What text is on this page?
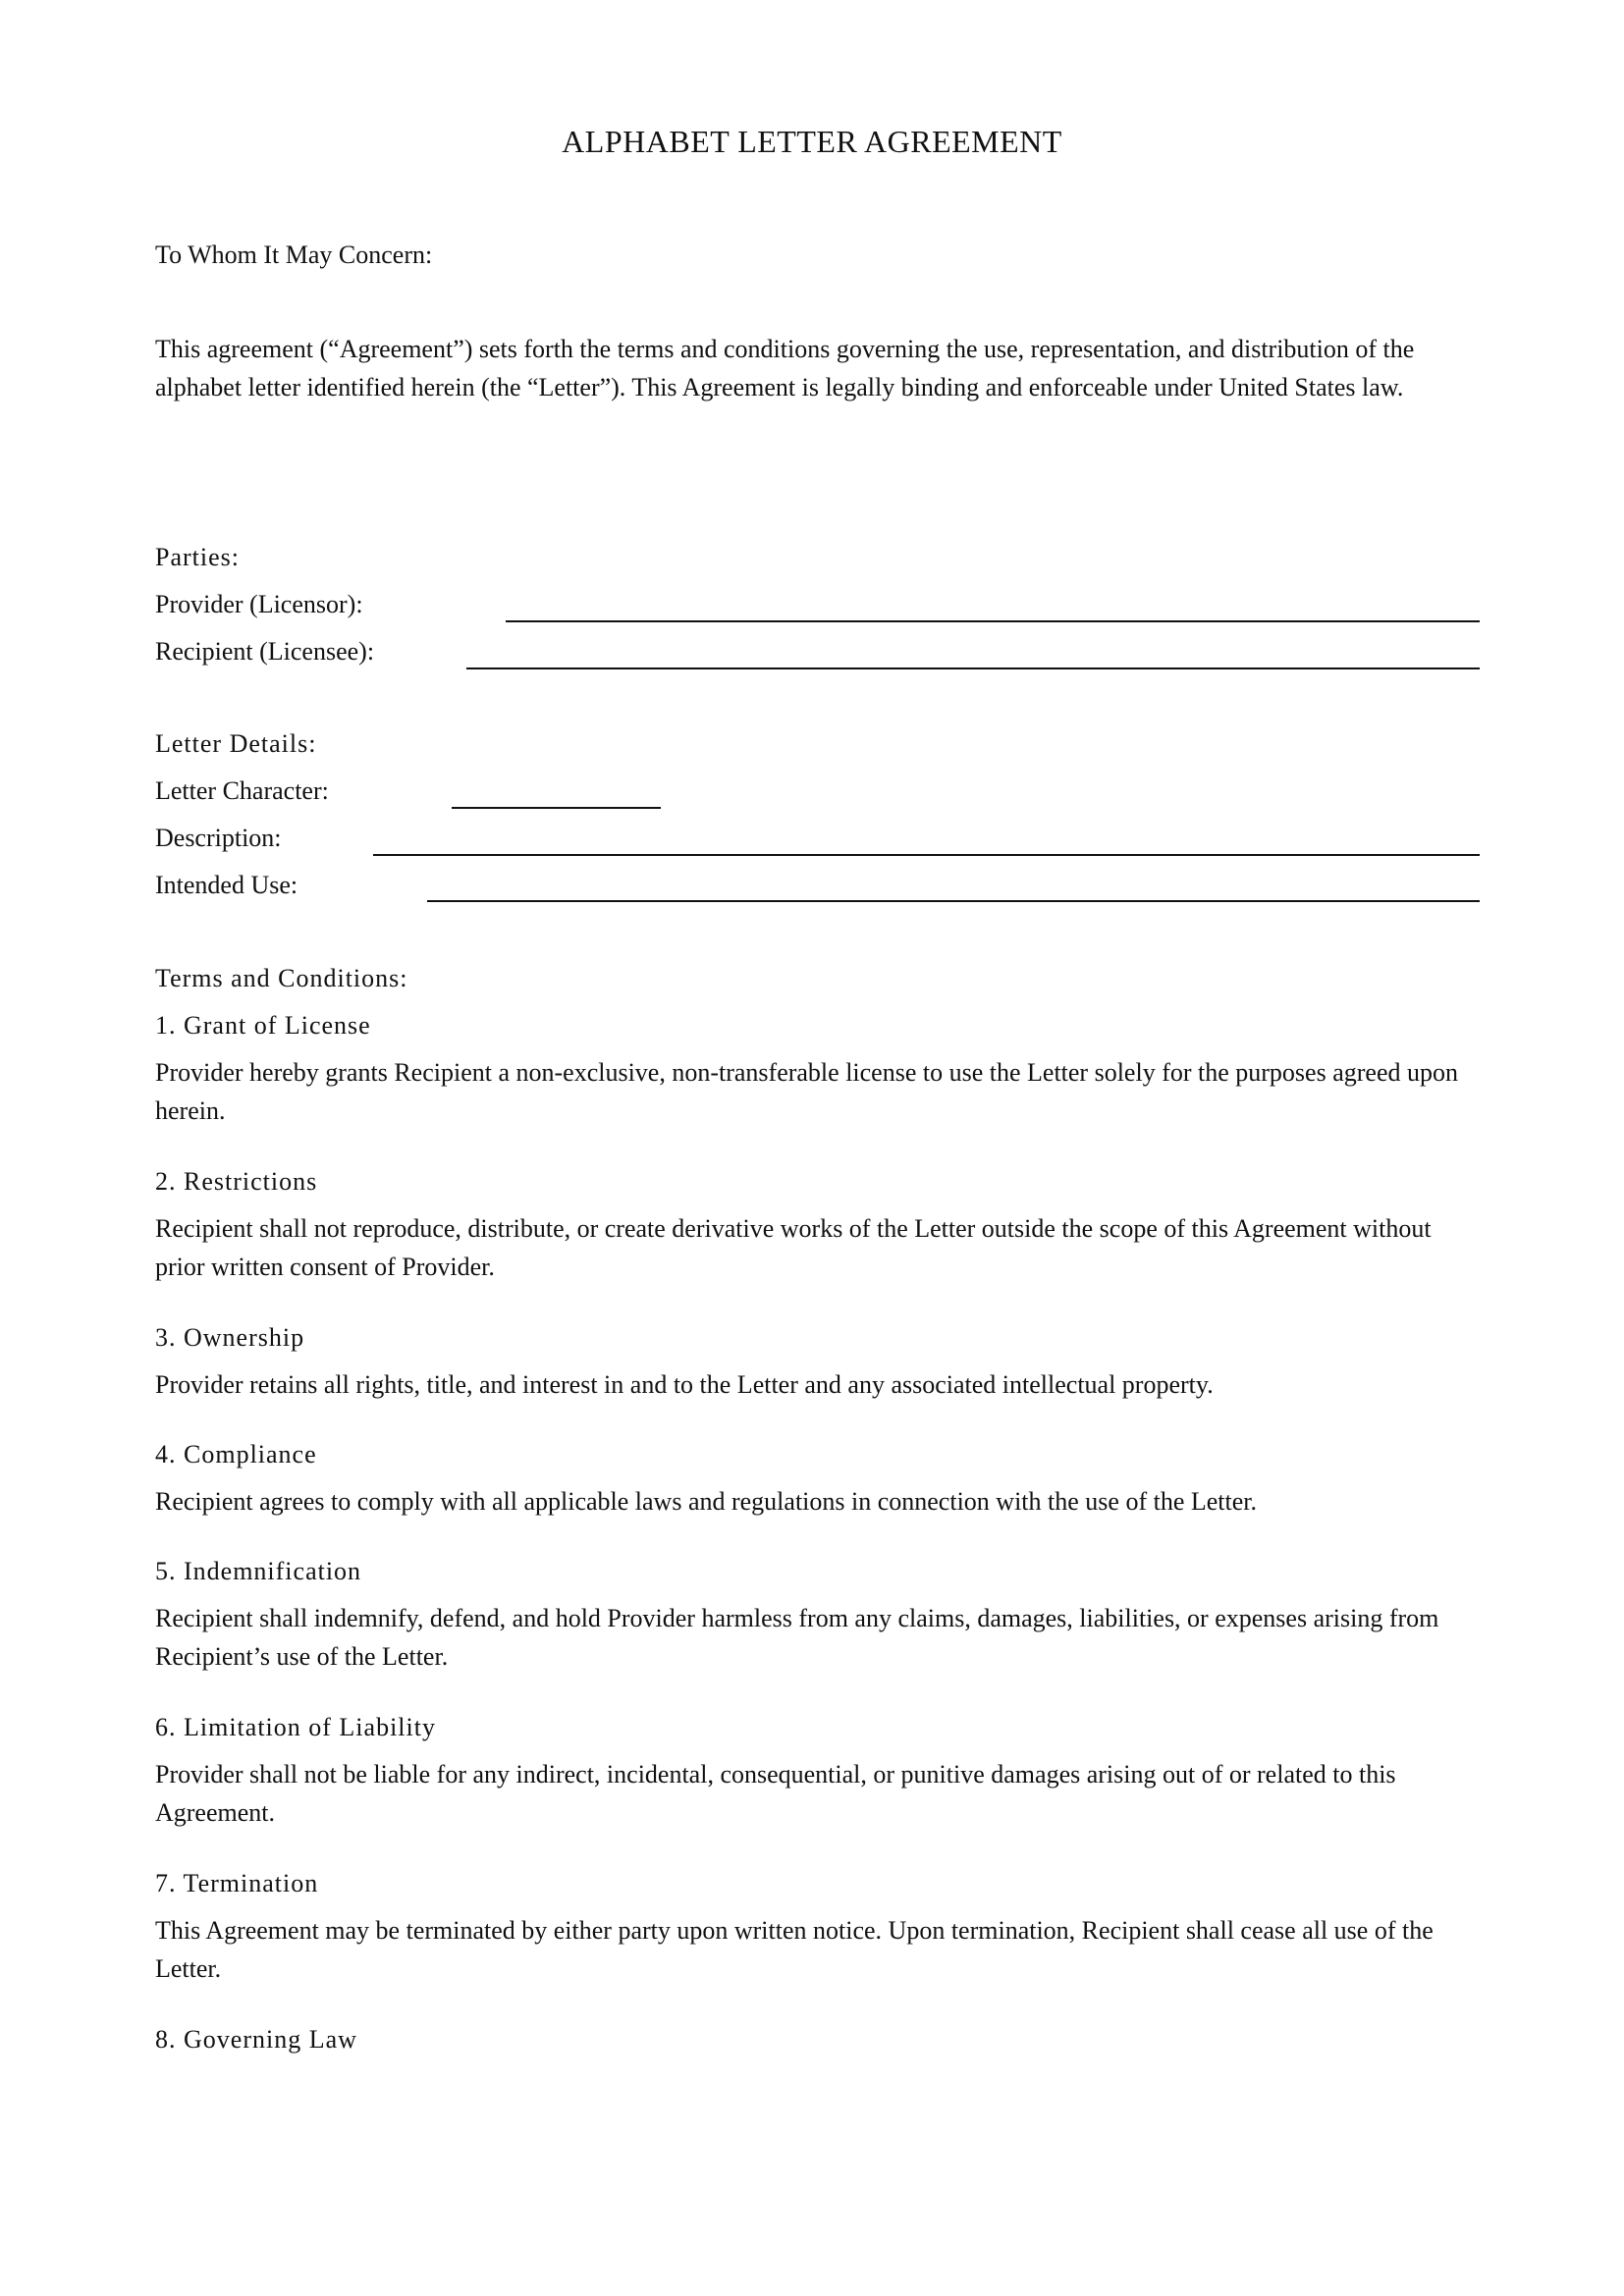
ALPHABET LETTER AGREEMENT
To Whom It May Concern:
This agreement (“Agreement”) sets forth the terms and conditions governing the use, representation, and distribution of the alphabet letter identified herein (the “Letter”). This Agreement is legally binding and enforceable under United States law.
Parties:
Provider (Licensor):
Recipient (Licensee):
Letter Details:
Letter Character:
Description:
Intended Use:
Terms and Conditions:
1. Grant of License
Provider hereby grants Recipient a non-exclusive, non-transferable license to use the Letter solely for the purposes agreed upon herein.
2. Restrictions
Recipient shall not reproduce, distribute, or create derivative works of the Letter outside the scope of this Agreement without prior written consent of Provider.
3. Ownership
Provider retains all rights, title, and interest in and to the Letter and any associated intellectual property.
4. Compliance
Recipient agrees to comply with all applicable laws and regulations in connection with the use of the Letter.
5. Indemnification
Recipient shall indemnify, defend, and hold Provider harmless from any claims, damages, liabilities, or expenses arising from Recipient’s use of the Letter.
6. Limitation of Liability
Provider shall not be liable for any indirect, incidental, consequential, or punitive damages arising out of or related to this Agreement.
7. Termination
This Agreement may be terminated by either party upon written notice. Upon termination, Recipient shall cease all use of the Letter.
8. Governing Law
